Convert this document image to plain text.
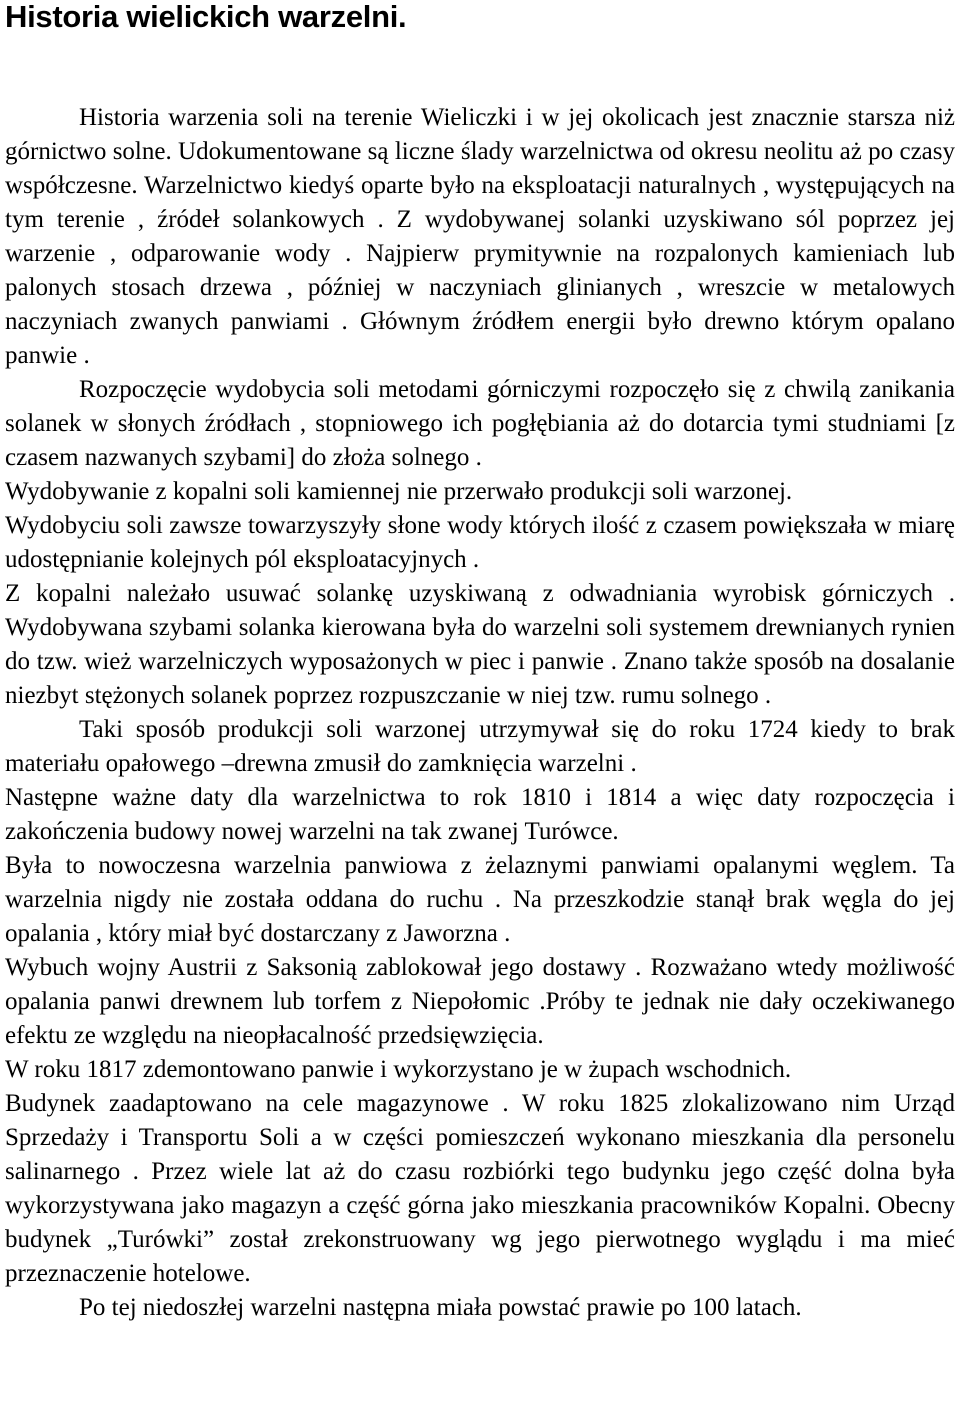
Historia wielickich warzelni.

Historia warzenia soli na terenie Wieliczki i w jej okolicach jest znacznie starsza niż górnictwo solne. Udokumentowane są liczne ślady warzelnictwa od okresu neolitu aż po czasy współczesne. Warzelnictwo kiedyś oparte było na eksploatacji naturalnych , występujących na tym terenie , źródeł solankowych . Z wydobywanej solanki uzyskiwano sól poprzez jej warzenie , odparowanie wody . Najpierw prymitywnie na rozpalonych kamieniach lub palonych stosach drzewa , później w naczyniach glinianych , wreszcie w metalowych naczyniach zwanych panwiami . Głównym źródłem energii było drewno którym opalano panwie .

Rozpoczęcie wydobycia soli metodami górniczymi rozpoczęło się z chwilą zanikania solanek w słonych źródłach , stopniowego ich pogłębiania aż do dotarcia tymi studniami [z czasem nazwanych szybami] do złoża solnego .

Wydobywanie z kopalni soli kamiennej nie przerwało produkcji soli warzonej.

Wydobyciu soli zawsze towarzyszyły słone wody których ilość z czasem powiększała w miarę udostępnianie kolejnych pól eksploatacyjnych .

Z kopalni należało usuwać solankę uzyskiwaną z odwadniania wyrobisk górniczych . Wydobywana szybami solanka kierowana była do warzelni soli systemem drewnianych rynien do tzw. wież warzelniczych wyposażonych w piec i panwie . Znano także sposób na dosalanie niezbyt stężonych solanek poprzez rozpuszczanie w niej tzw. rumu solnego .

Taki sposób produkcji soli warzonej utrzymywał się do roku 1724 kiedy to brak materiału opałowego –drewna zmusił do zamknięcia warzelni .

Następne ważne daty dla warzelnictwa to rok 1810 i 1814 a więc daty rozpoczęcia i zakończenia budowy nowej warzelni na tak zwanej Turówce.

Była to nowoczesna warzelnia panwiowa z żelaznymi panwiami opalanymi węglem. Ta warzelnia nigdy nie została oddana do ruchu . Na przeszkodzie stanął brak węgla do jej opalania , który miał być dostarczany z Jaworzna .

Wybuch wojny Austrii z Saksonią zablokował jego dostawy . Rozważano wtedy możliwość opalania panwi drewnem lub torfem z Niepołomic .Próby te jednak nie dały oczekiwanego efektu ze względu na nieopłacalność przedsięwzięcia.

W roku 1817 zdemontowano panwie i wykorzystano je w żupach wschodnich.

Budynek zaadaptowano na cele magazynowe . W roku 1825 zlokalizowano nim Urząd Sprzedaży i Transportu Soli a w części pomieszczeń wykonano mieszkania dla personelu salinarnego . Przez wiele lat aż do czasu rozbiórki tego budynku jego część dolna była wykorzystywana jako magazyn a część górna jako mieszkania pracowników Kopalni. Obecny budynek „Turówki” został zrekonstruowany wg jego pierwotnego wyglądu i ma mieć przeznaczenie hotelowe.

Po tej niedoszłej warzelni następna miała powstać prawie po 100 latach.
